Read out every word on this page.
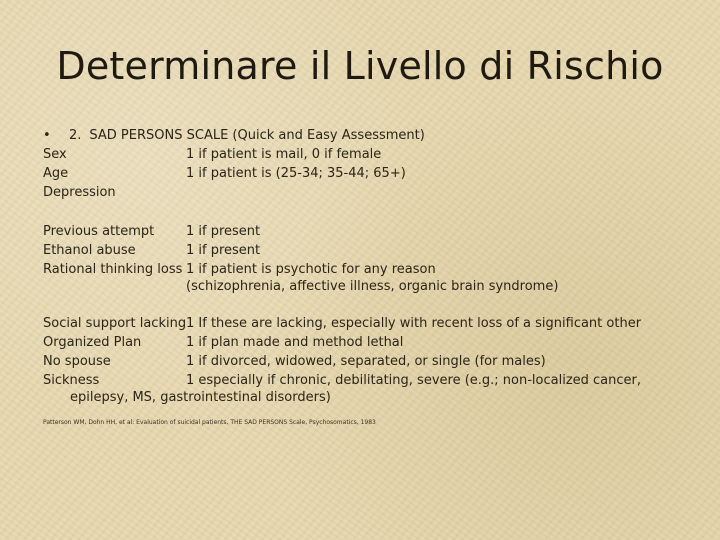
Determinare il Livello di Rischio
• 2. SAD PERSONS SCALE (Quick and Easy Assessment)
Sex	1 if patient is mail, 0 if female
Age	1 if patient is (25-34; 35-44; 65+)
Depression
Previous attempt	1 if present
Ethanol abuse	1 if present
Rational thinking loss 1 if patient is psychotic for any reason
(schizophrenia, affective illness, organic brain syndrome)
Social support lacking 1 If these are lacking, especially with recent loss of a significant other
Organized Plan	1 if plan made and method lethal
No spouse	1 if divorced, widowed, separated, or single (for males)
Sickness	1 especially if chronic, debilitating, severe (e.g.; non-localized cancer,
epilepsy, MS, gastrointestinal disorders)
Patterson WM, Dohn HH, et al: Evaluation of suicidal patients, THE SAD PERSONS Scale, Psychosomatics, 1983
